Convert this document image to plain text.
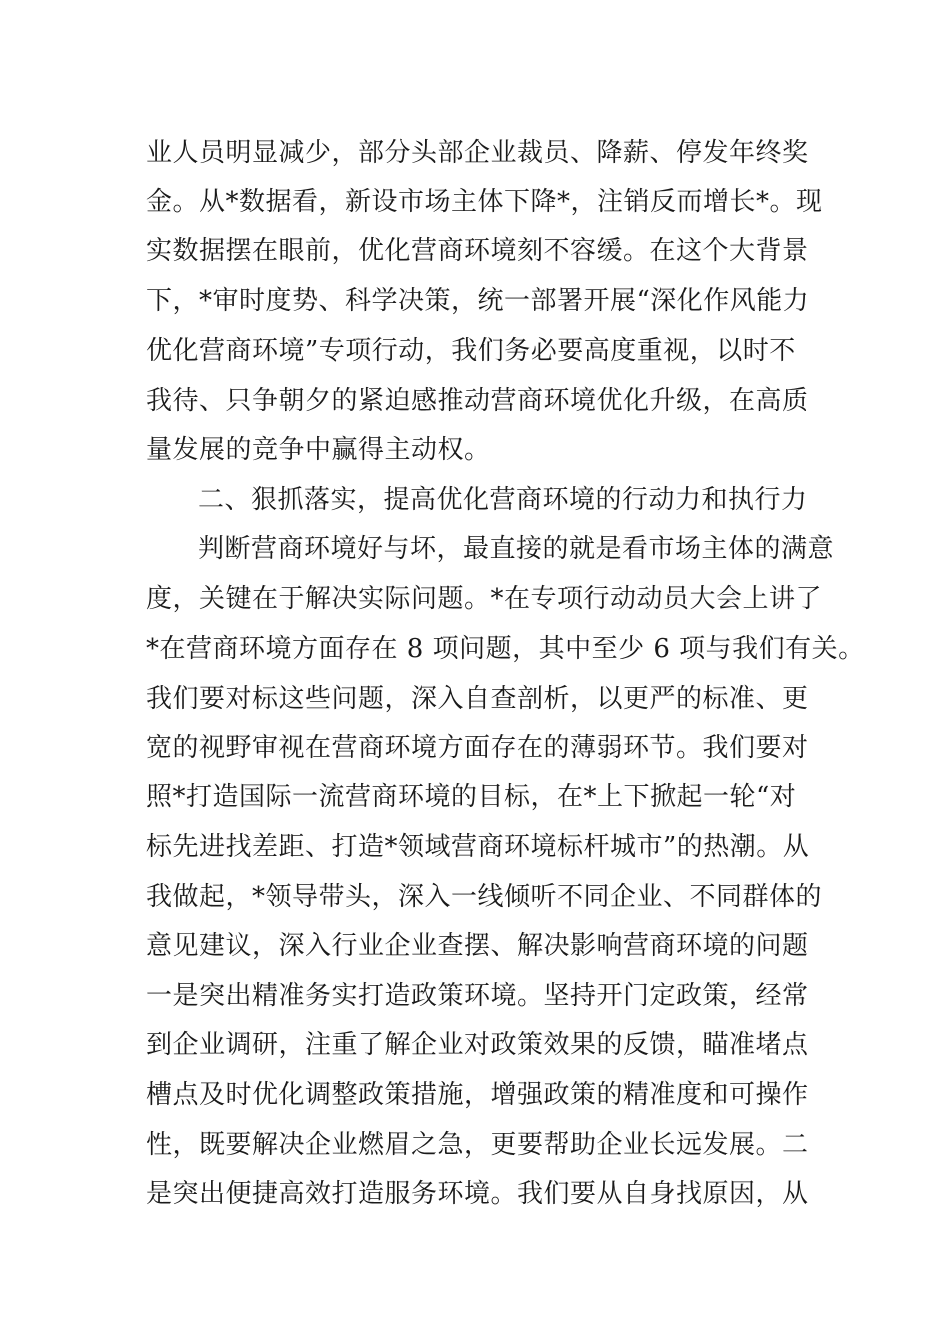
业人员明显减少，部分头部企业裁员、降薪、停发年终奖
金。从*数据看，新设市场主体下降*，注销反而增长*。现
实数据摆在眼前，优化营商环境刻不容缓。在这个大背景
下，*审时度势、科学决策，统一部署开展“深化作风能力
优化营商环境”专项行动，我们务必要高度重视，以时不
我待、只争朝夕的紧迫感推动营商环境优化升级，在高质
量发展的竞争中赢得主动权。
二、狠抓落实，提高优化营商环境的行动力和执行力
判断营商环境好与坏，最直接的就是看市场主体的满意
度，关键在于解决实际问题。*在专项行动动员大会上讲了
*在营商环境方面存在 8 项问题，其中至少 6 项与我们有关。
我们要对标这些问题，深入自查剖析，以更严的标准、更
宽的视野审视在营商环境方面存在的薄弱环节。我们要对
照*打造国际一流营商环境的目标，在*上下掀起一轮“对
标先进找差距、打造*领域营商环境标杆城市”的热潮。从
我做起，*领导带头，深入一线倾听不同企业、不同群体的
意见建议，深入行业企业查摆、解决影响营商环境的问题
一是突出精准务实打造政策环境。坚持开门定政策，经常
到企业调研，注重了解企业对政策效果的反馈，瞄准堵点
槽点及时优化调整政策措施，增强政策的精准度和可操作
性，既要解决企业燃眉之急，更要帮助企业长远发展。二
是突出便捷高效打造服务环境。我们要从自身找原因，从
